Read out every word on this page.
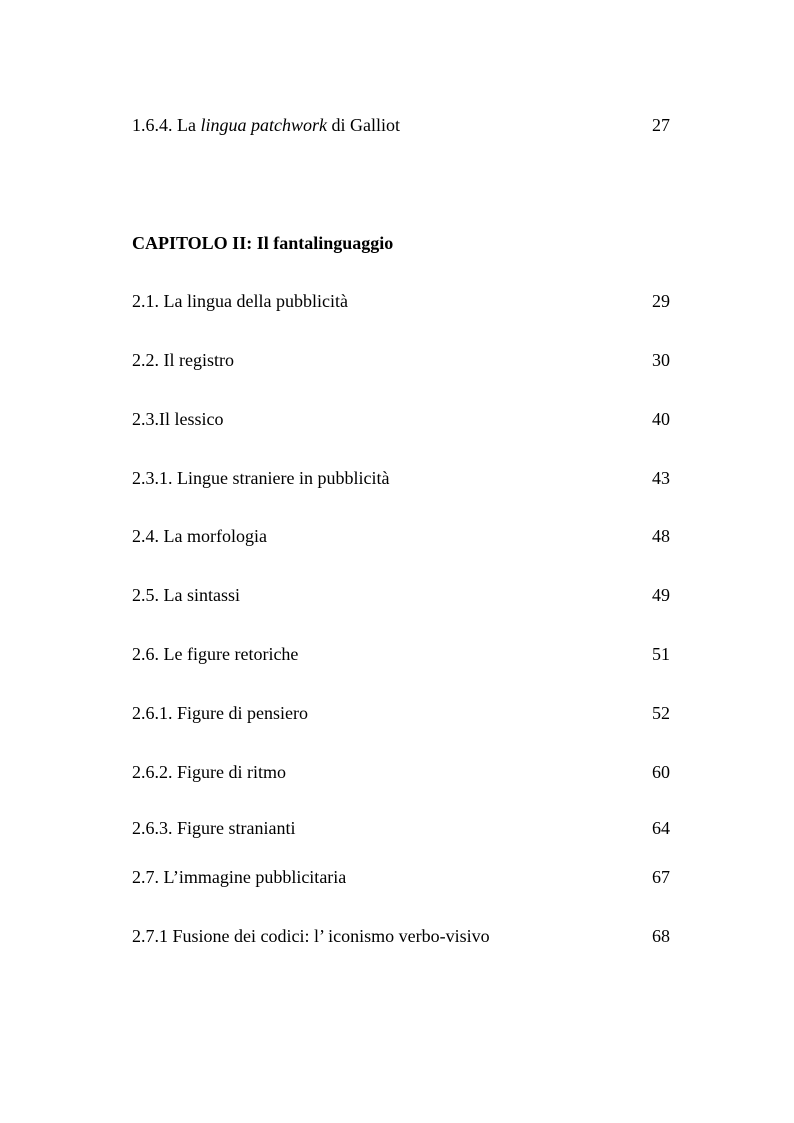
1.6.4. La lingua patchwork di Galliot	27
CAPITOLO II: Il fantalinguaggio
2.1. La lingua della pubblicità	29
2.2. Il registro	30
2.3.Il lessico	40
2.3.1. Lingue straniere in pubblicità	43
2.4. La morfologia	48
2.5. La sintassi	49
2.6. Le figure retoriche	51
2.6.1. Figure di pensiero	52
2.6.2. Figure di ritmo	60
2.6.3. Figure stranianti	64
2.7. L’immagine pubblicitaria	67
2.7.1 Fusione dei codici: l’ iconismo verbo-visivo	68
